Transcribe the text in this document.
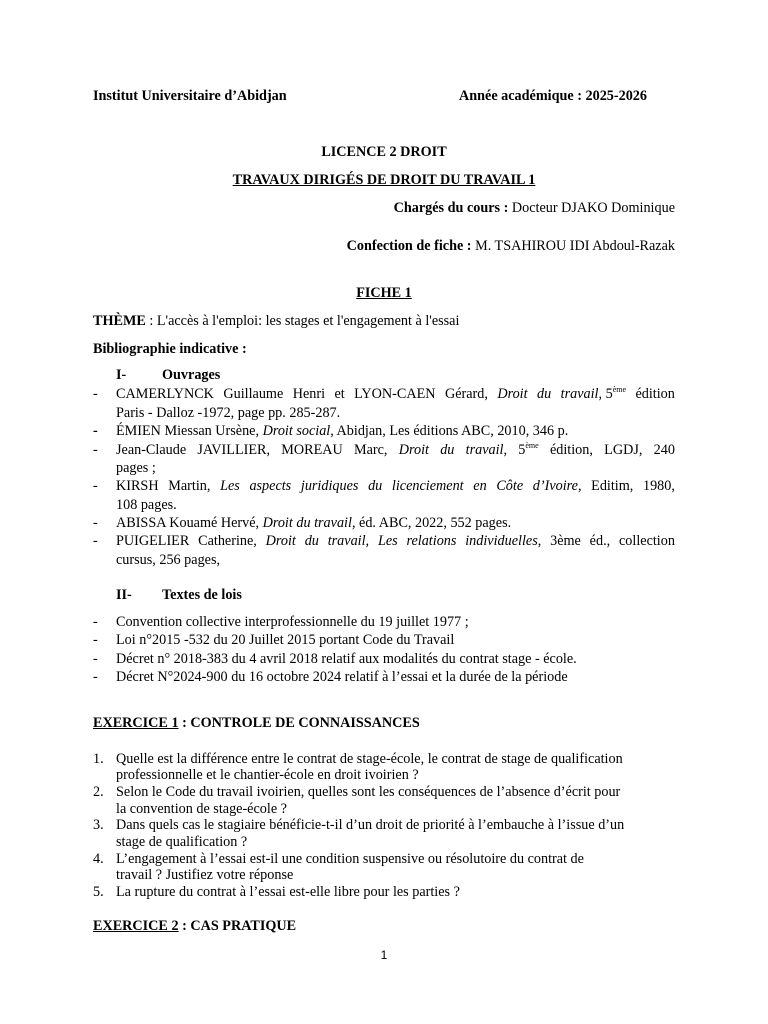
Institut Universitaire d’Abidjan	Année académique : 2025-2026
LICENCE 2 DROIT
TRAVAUX DIRIGÉS DE DROIT DU TRAVAIL 1
Chargés du cours : Docteur DJAKO Dominique
Confection de fiche : M. TSAHIROU IDI Abdoul-Razak
FICHE 1
THÈME : L'accès à l'emploi: les stages et l'engagement à l'essai
Bibliographie indicative :
I-	Ouvrages
- CAMERLYNCK Guillaume Henri et LYON-CAEN Gérard, Droit du travail, 5ème édition
Paris - Dalloz -1972, page pp. 285-287.
- ÉMIEN Miessan Ursène, Droit social, Abidjan, Les éditions ABC, 2010, 346 p.
- Jean-Claude JAVILLIER, MOREAU Marc, Droit du travail, 5ème édition, LGDJ, 240
pages ;
- KIRSH Martin, Les aspects juridiques du licenciement en Côte d’Ivoire, Editim, 1980,
108 pages.
- ABISSA Kouamé Hervé, Droit du travail, éd. ABC, 2022, 552 pages.
- PUIGELIER Catherine, Droit du travail, Les relations individuelles, 3ème éd., collection
cursus, 256 pages,
II- Textes de lois
- Convention collective interprofessionnelle du 19 juillet 1977 ;
- Loi n°2015 -532 du 20 Juillet 2015 portant Code du Travail
- Décret n° 2018-383 du 4 avril 2018 relatif aux modalités du contrat stage - école.
- Décret N°2024-900 du 16 octobre 2024 relatif à l’essai et la durée de la période
EXERCICE 1 : CONTROLE DE CONNAISSANCES
1. Quelle est la différence entre le contrat de stage-école, le contrat de stage de qualification
professionnelle et le chantier-école en droit ivoirien ?
2. Selon le Code du travail ivoirien, quelles sont les conséquences de l’absence d’écrit pour
la convention de stage-école ?
3. Dans quels cas le stagiaire bénéficie-t-il d’un droit de priorité à l’embauche à l’issue d’un
stage de qualification ?
4. L’engagement à l’essai est-il une condition suspensive ou résolutoire du contrat de
travail ? Justifiez votre réponse
5. La rupture du contrat à l’essai est-elle libre pour les parties ?
EXERCICE 2 : CAS PRATIQUE
1
